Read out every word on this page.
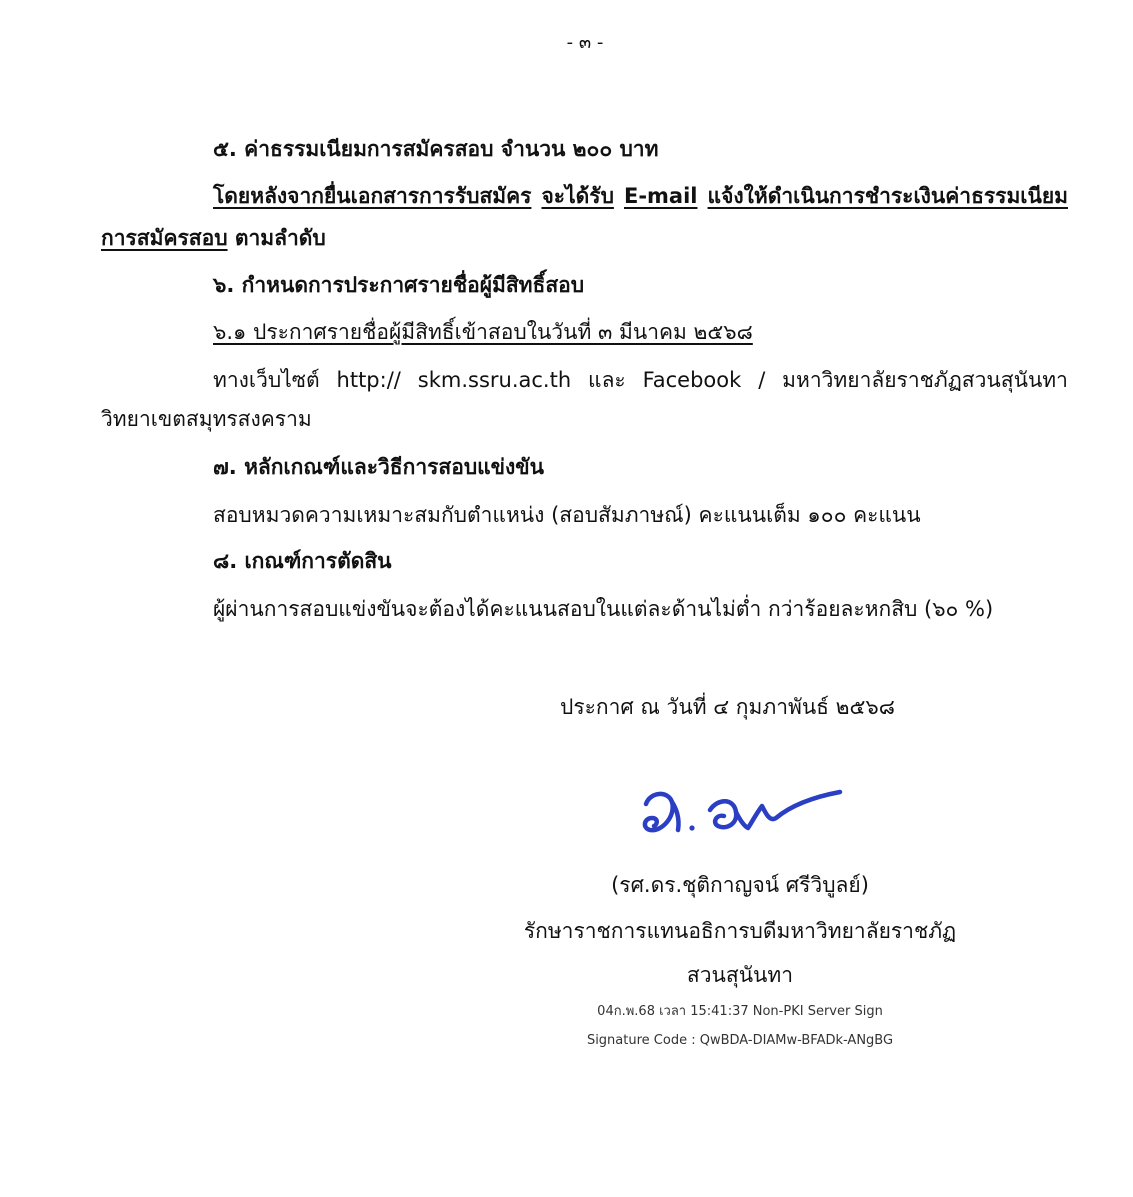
- ๓ -
๕. ค่าธรรมเนียมการสมัครสอบ จำนวน ๒๐๐ บาท
โดยหลังจากยื่นเอกสารการรับสมัคร จะได้รับ E-mail แจ้งให้ดำเนินการชำระเงินค่าธรรมเนียม
การสมัครสอบ ตามลำดับ
๖. กำหนดการประกาศรายชื่อผู้มีสิทธิ์สอบ
๖.๑ ประกาศรายชื่อผู้มีสิทธิ์เข้าสอบในวันที่ ๓ มีนาคม ๒๕๖๘
ทางเว็บไซต์ http:// skm.ssru.ac.th และ Facebook / มหาวิทยาลัยราชภัฏสวนสุนันทา
วิทยาเขตสมุทรสงคราม
๗. หลักเกณฑ์และวิธีการสอบแข่งขัน
สอบหมวดความเหมาะสมกับตำแหน่ง (สอบสัมภาษณ์) คะแนนเต็ม ๑๐๐ คะแนน
๘. เกณฑ์การตัดสิน
ผู้ผ่านการสอบแข่งขันจะต้องได้คะแนนสอบในแต่ละด้านไม่ต่ำ กว่าร้อยละหกสิบ (๖๐ %)
ประกาศ ณ วันที่ ๔ กุมภาพันธ์ ๒๕๖๘
(รศ.ดร.ชุติกาญจน์ ศรีวิบูลย์)
รักษาราชการแทนอธิการบดีมหาวิทยาลัยราชภัฏ
สวนสุนันทา
04ก.พ.68 เวลา 15:41:37 Non-PKI Server Sign
Signature Code : QwBDA-DIAMw-BFADk-ANgBG
